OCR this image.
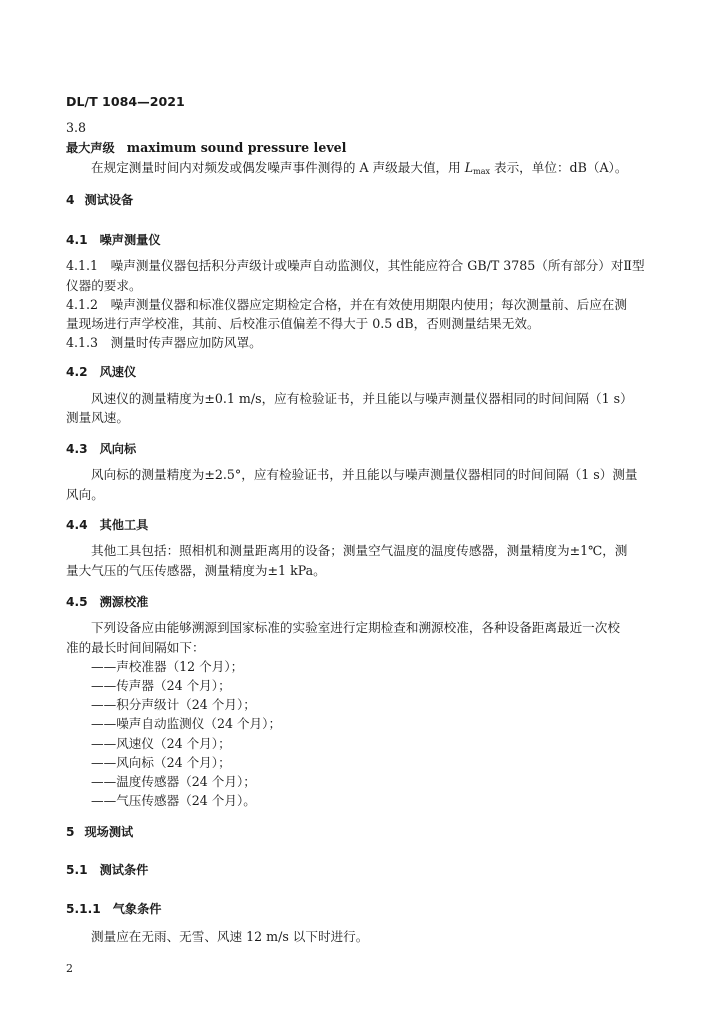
DL/T 1084—2021
3.8
最大声级 maximum sound pressure level
在规定测量时间内对频发或偶发噪声事件测得的 A 声级最大值，用 $L_{max}$ 表示，单位：dB（A）。
4 测试设备
4.1 噪声测量仪
4.1.1　噪声测量仪器包括积分声级计或噪声自动监测仪，其性能应符合 GB/T 3785（所有部分）对Ⅱ型
仪器的要求。
4.1.2　噪声测量仪器和标准仪器应定期检定合格，并在有效使用期限内使用；每次测量前、后应在测
量现场进行声学校准，其前、后校准示值偏差不得大于 0.5 dB，否则测量结果无效。
4.1.3　测量时传声器应加防风罩。
4.2 风速仪
风速仪的测量精度为±0.1 m/s，应有检验证书，并且能以与噪声测量仪器相同的时间间隔（1 s）
测量风速。
4.3 风向标
风向标的测量精度为±2.5°，应有检验证书，并且能以与噪声测量仪器相同的时间间隔（1 s）测量
风向。
4.4 其他工具
其他工具包括：照相机和测量距离用的设备；测量空气温度的温度传感器，测量精度为±1℃，测
量大气压的气压传感器，测量精度为±1 kPa。
4.5 溯源校准
下列设备应由能够溯源到国家标准的实验室进行定期检查和溯源校准，各种设备距离最近一次校
准的最长时间间隔如下：
——声校准器（12 个月）；
——传声器（24 个月）；
——积分声级计（24 个月）；
——噪声自动监测仪（24 个月）；
——风速仪（24 个月）；
——风向标（24 个月）；
——温度传感器（24 个月）；
——气压传感器（24 个月）。
5 现场测试
5.1 测试条件
5.1.1 气象条件
测量应在无雨、无雪、风速 12 m/s 以下时进行。
2
